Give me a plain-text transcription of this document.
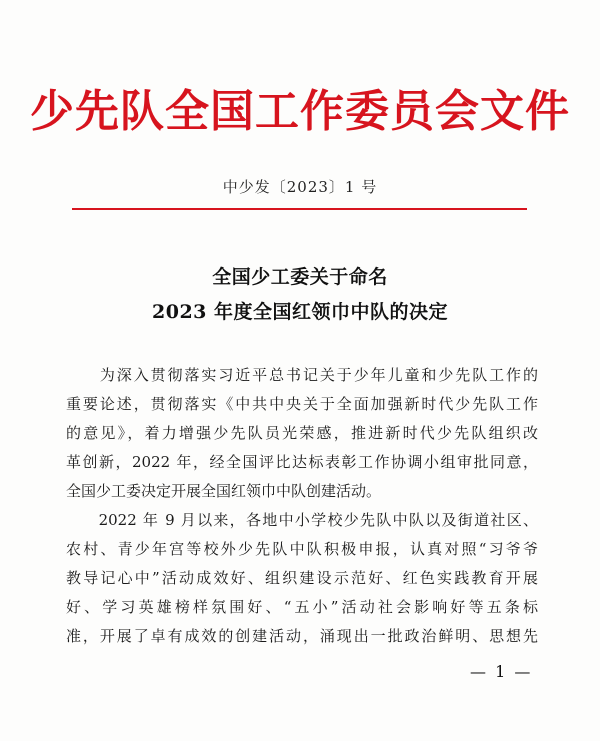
少先队全国工作委员会文件
中少发〔2023〕1 号
全国少工委关于命名
2023 年度全国红领巾中队的决定
　　为深入贯彻落实习近平总书记关于少年儿童和少先队工作的
重要论述，贯彻落实《中共中央关于全面加强新时代少先队工作
的意见》，着力增强少先队员光荣感，推进新时代少先队组织改
革创新，2022 年，经全国评比达标表彰工作协调小组审批同意，
全国少工委决定开展全国红领巾中队创建活动。
　　2022 年 9 月以来，各地中小学校少先队中队以及街道社区、
农村、青少年宫等校外少先队中队积极申报，认真对照“习爷爷
教导记心中”活动成效好、组织建设示范好、红色实践教育开展
好、学习英雄榜样氛围好、“五小”活动社会影响好等五条标
准，开展了卓有成效的创建活动，涌现出一批政治鲜明、思想先
— 1 —
